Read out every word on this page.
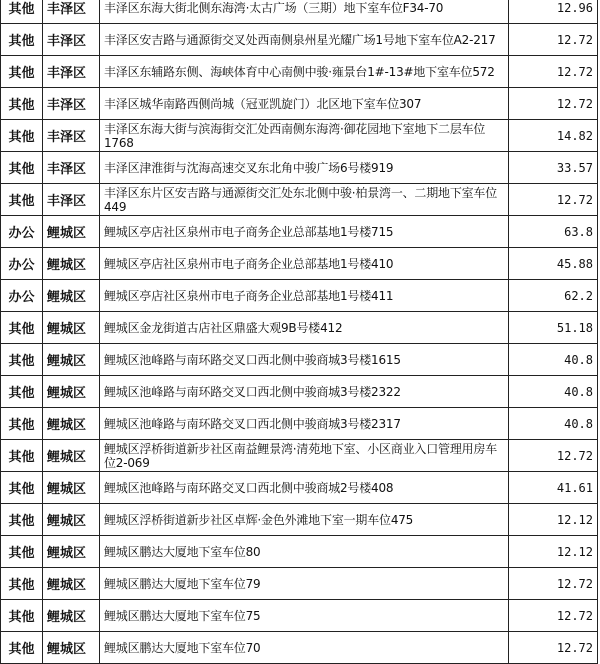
其他	丰泽区	丰泽区东海大街北侧东海湾·太古广场（三期）地下室车位F34-70	12.96
其他	丰泽区	丰泽区安吉路与通源街交叉处西南侧泉州星光耀广场1号地下室车位A2-217	12.72
其他	丰泽区	丰泽区东辅路东侧、海峡体育中心南侧中骏·雍景台1#-13#地下室车位572	12.72
其他	丰泽区	丰泽区城华南路西侧尚城（冠亚凯旋门）北区地下室车位307	12.72
其他	丰泽区	丰泽区东海大街与滨海街交汇处西南侧东海湾·御花园地下室地下二层车位1768	14.82
其他	丰泽区	丰泽区津淮街与沈海高速交叉东北角中骏广场6号楼919	33.57
其他	丰泽区	丰泽区东片区安吉路与通源街交汇处东北侧中骏·柏景湾一、二期地下室车位449	12.72
办公	鲤城区	鲤城区亭店社区泉州市电子商务企业总部基地1号楼715	63.8
办公	鲤城区	鲤城区亭店社区泉州市电子商务企业总部基地1号楼410	45.88
办公	鲤城区	鲤城区亭店社区泉州市电子商务企业总部基地1号楼411	62.2
其他	鲤城区	鲤城区金龙街道古店社区鼎盛大观9B号楼412	51.18
其他	鲤城区	鲤城区池峰路与南环路交叉口西北侧中骏商城3号楼1615	40.8
其他	鲤城区	鲤城区池峰路与南环路交叉口西北侧中骏商城3号楼2322	40.8
其他	鲤城区	鲤城区池峰路与南环路交叉口西北侧中骏商城3号楼2317	40.8
其他	鲤城区	鲤城区浮桥街道新步社区南益鲤景湾·清苑地下室、小区商业入口管理用房车位2-069	12.72
其他	鲤城区	鲤城区池峰路与南环路交叉口西北侧中骏商城2号楼408	41.61
其他	鲤城区	鲤城区浮桥街道新步社区卓辉·金色外滩地下室一期车位475	12.12
其他	鲤城区	鲤城区鹏达大厦地下室车位80	12.12
其他	鲤城区	鲤城区鹏达大厦地下室车位79	12.72
其他	鲤城区	鲤城区鹏达大厦地下室车位75	12.72
其他	鲤城区	鲤城区鹏达大厦地下室车位70	12.72
